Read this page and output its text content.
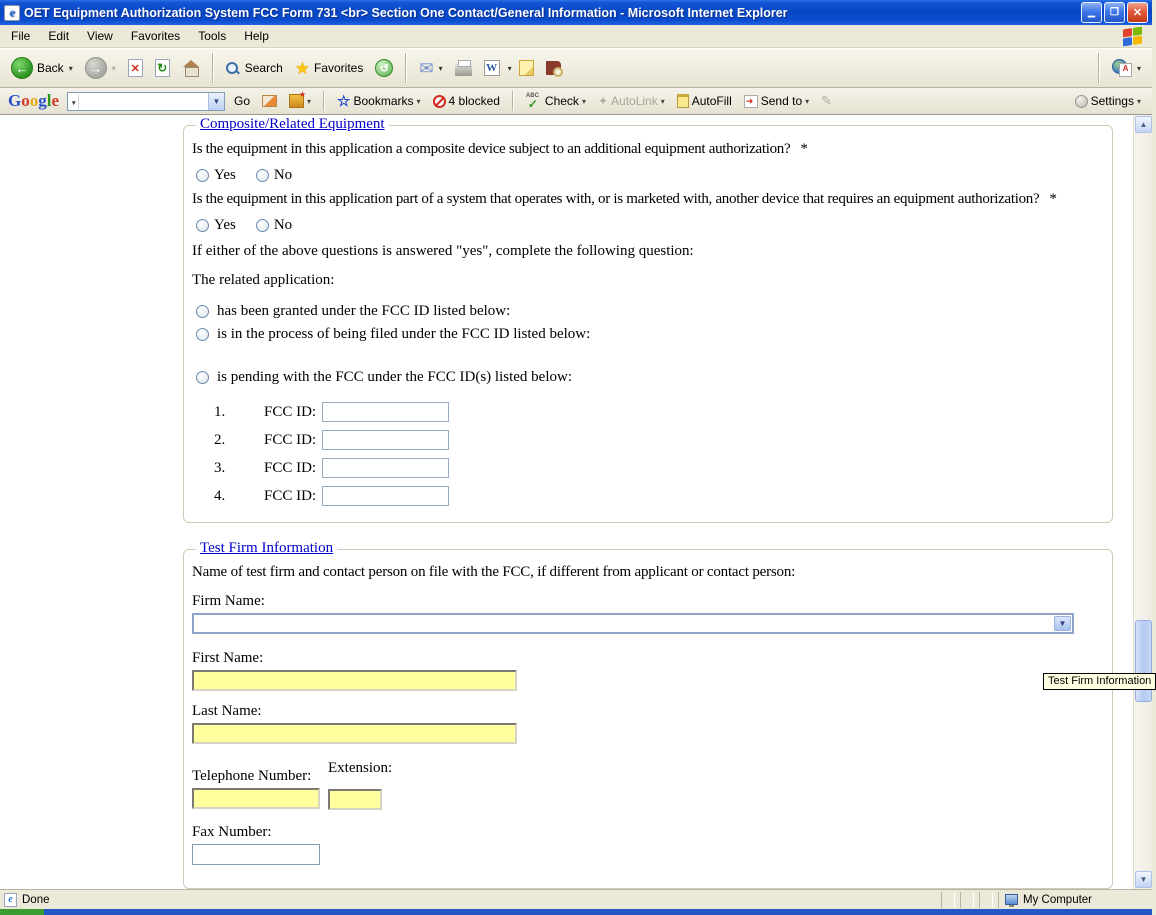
e
OET Equipment Authorization System FCC Form 731 <br> Section One Contact/General Information - Microsoft Internet Explorer
▁
❐
✕
File	Edit	View	Favorites	Tools	Help
←
Back ▾ →	▾ ✕ ↻	Search ★	Favorites ↺ ✉	▾ W	▾ A	▾
Google ▾	▼ Go ★	▾ ☆	Bookmarks ▾ 4 blocked ABC ✓	Check ▾ ✦ AutoLink ▾ AutoFill ➜ Send to ▾ ✎	Settings ▾
Composite/Related Equipment
Is the equipment in this application a composite device subject to an additional equipment authorization? *
Yes	No
Is the equipment in this application part of a system that operates with, or is marketed with, another device that requires an equipment authorization? *
Yes	No
If either of the above questions is answered "yes", complete the following question:
The related application:
has been granted under the FCC ID listed below:
is in the process of being filed under the FCC ID listed below:
is pending with the FCC under the FCC ID(s) listed below:
1.	FCC ID:
2.	FCC ID:
3.	FCC ID:
4.	FCC ID:
Test Firm Information
Name of test firm and contact person on file with the FCC, if different from applicant or contact person:
Firm Name:
▼
First Name:
Last Name:
Telephone Number:	Extension:
Fax Number:
Test Firm Information
▲
▼
e
Done	My Computer
